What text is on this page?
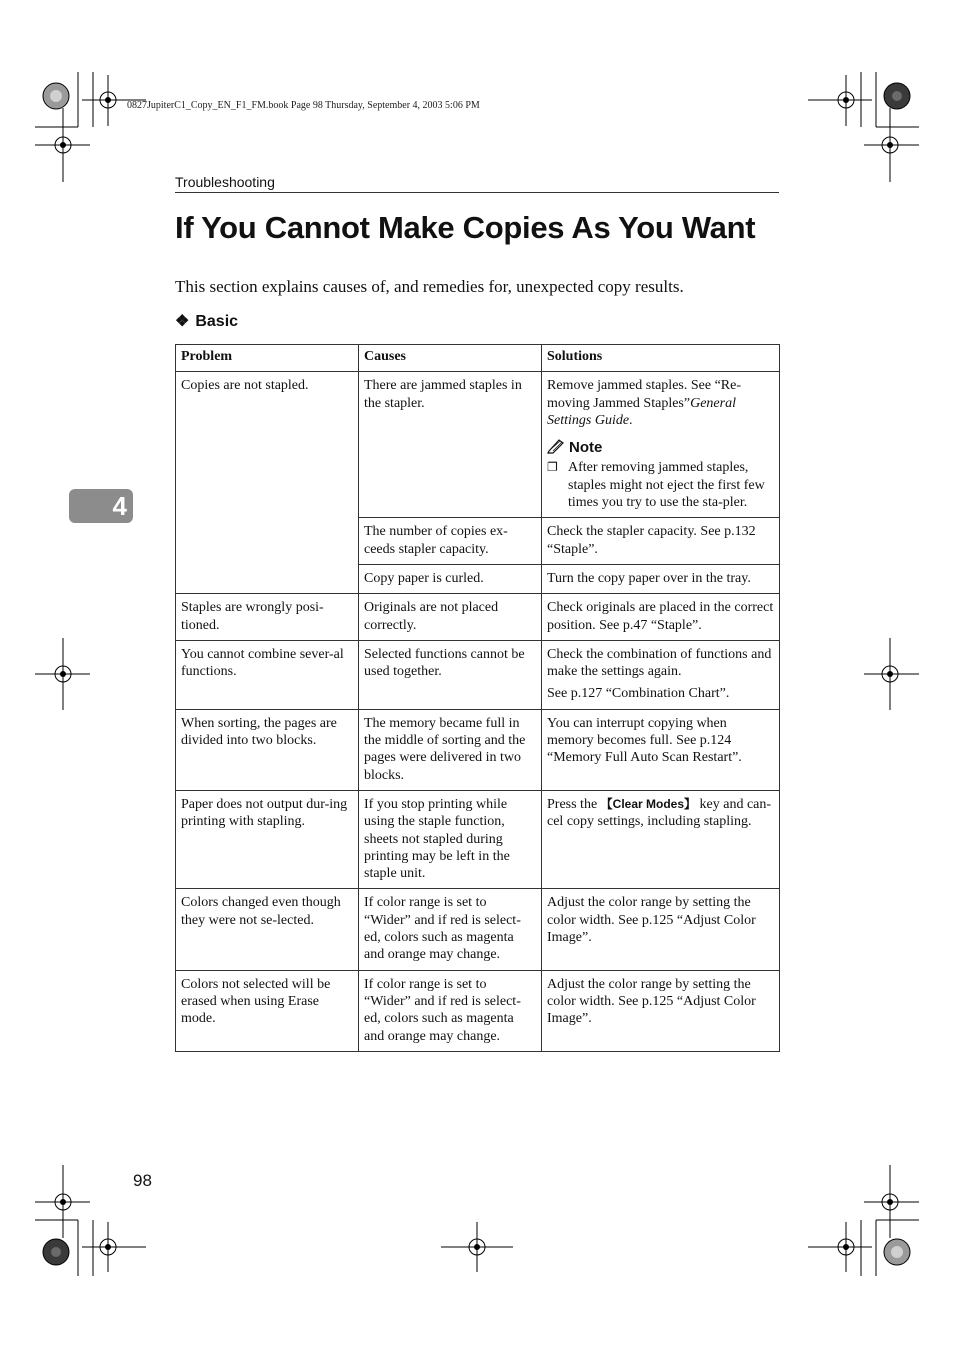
0827JupiterC1_Copy_EN_F1_FM.book Page 98 Thursday, September 4, 2003 5:06 PM
Troubleshooting
If You Cannot Make Copies As You Want
This section explains causes of, and remedies for, unexpected copy results.
❖ Basic
4
Problem	Causes	Solutions
Copies are not stapled.	There are jammed staples in the stapler.	Remove jammed staples. See “Re-moving Jammed Staples”General Settings Guide.
Note
❐ After removing jammed staples, staples might not eject the first few times you try to use the sta-pler.

	The number of copies ex-ceeds stapler capacity.	Check the stapler capacity. See p.132 “Staple”.
	Copy paper is curled.	Turn the copy paper over in the tray.
Staples are wrongly posi-tioned.	Originals are not placed correctly.	Check originals are placed in the correct position. See p.47 “Staple”.
You cannot combine sever-al functions.	Selected functions cannot be used together.	Check the combination of functions and make the settings again.
See p.127 “Combination Chart”.

When sorting, the pages are divided into two blocks.	The memory became full in the middle of sorting and the pages were delivered in two blocks.	You can interrupt copying when memory becomes full. See p.124 “Memory Full Auto Scan Restart”.
Paper does not output dur-ing printing with stapling.	If you stop printing while using the staple function, sheets not stapled during printing may be left in the staple unit.	Press the 【Clear Modes】 key and can-cel copy settings, including stapling.
Colors changed even though they were not se-lected.	If color range is set to “Wider” and if red is select-ed, colors such as magenta and orange may change.	Adjust the color range by setting the color width. See p.125 “Adjust Color Image”.
Colors not selected will be erased when using Erase mode.	If color range is set to “Wider” and if red is select-ed, colors such as magenta and orange may change.	Adjust the color range by setting the color width. See p.125 “Adjust Color Image”.
98
